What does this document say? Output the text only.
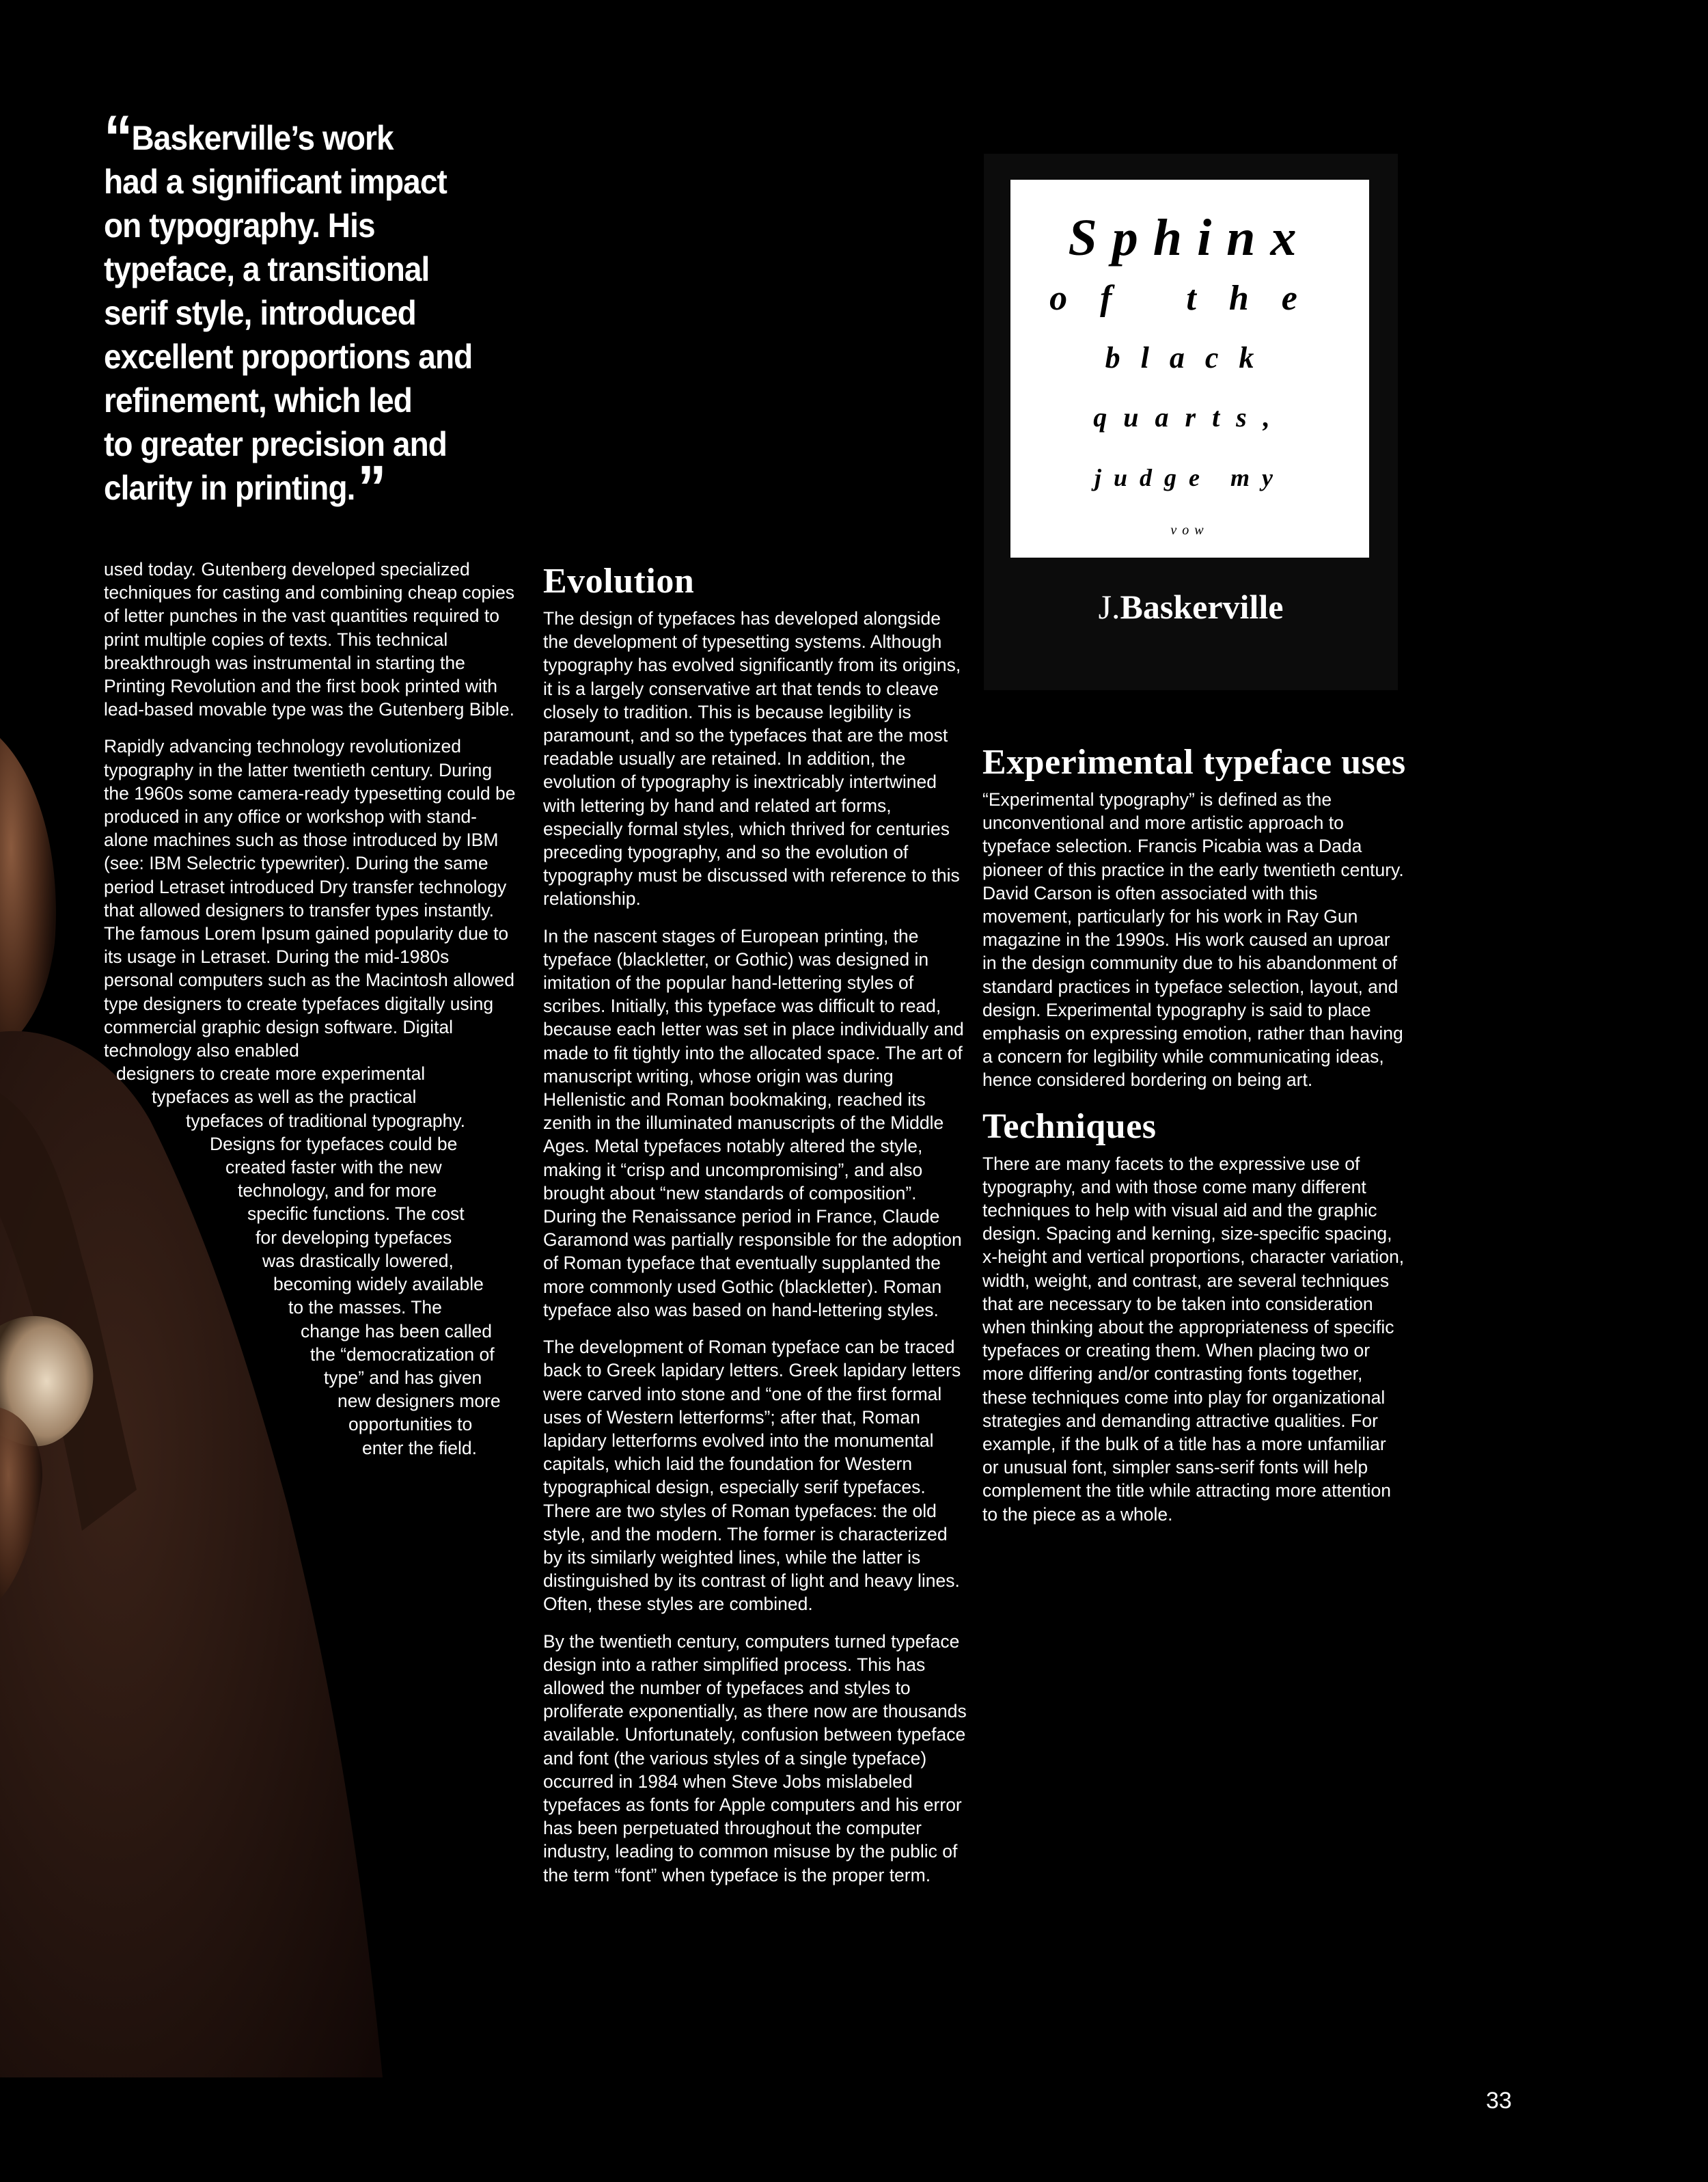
“ Baskerville’s work
had a significant impact
on typography. His
typeface, a transitional
serif style, introduced
excellent proportions and
refinement, which led
to greater precision and
clarity in printing.”

used today. Gutenberg developed specialized techniques for casting and combining cheap copies of letter punches in the vast quantities required to print multiple copies of texts. This technical breakthrough was instrumental in starting the Printing Revolution and the first book printed with lead-based movable type was the Gutenberg Bible.

Rapidly advancing technology revolutionized typography in the latter twentieth century. During the 1960s some camera-ready typesetting could be produced in any office or workshop with stand-alone machines such as those introduced by IBM (see: IBM Selectric typewriter). During the same period Letraset introduced Dry transfer technology that allowed designers to transfer types instantly. The famous Lorem Ipsum gained popularity due to its usage in Letraset. During the mid-1980s personal computers such as the Macintosh allowed type designers to create typefaces digitally using commercial graphic design software. Digital technology also enabled

designers to create more experimental
typefaces as well as the practical
typefaces of traditional typography.
Designs for typefaces could be
created faster with the new
technology, and for more
specific functions. The cost
for developing typefaces
was drastically lowered,
becoming widely available
to the masses. The
change has been called
the “democratization of
type” and has given
new designers more
opportunities to
enter the field.
Evolution

The design of typefaces has developed alongside the development of typesetting systems. Although typography has evolved significantly from its origins, it is a largely conservative art that tends to cleave closely to tradition. This is because legibility is paramount, and so the typefaces that are the most readable usually are retained. In addition, the evolution of typography is inextricably intertwined with lettering by hand and related art forms, especially formal styles, which thrived for centuries preceding typography, and so the evolution of typography must be discussed with reference to this relationship.

In the nascent stages of European printing, the typeface (blackletter, or Gothic) was designed in imitation of the popular hand-lettering styles of scribes. Initially, this typeface was difficult to read, because each letter was set in place individually and made to fit tightly into the allocated space. The art of manuscript writing, whose origin was during Hellenistic and Roman bookmaking, reached its zenith in the illuminated manuscripts of the Middle Ages. Metal typefaces notably altered the style, making it “crisp and uncompromising”, and also brought about “new standards of composition”. During the Renaissance period in France, Claude Garamond was partially responsible for the adoption of Roman typeface that eventually supplanted the more commonly used Gothic (blackletter). Roman typeface also was based on hand-lettering styles.

The development of Roman typeface can be traced back to Greek lapidary letters. Greek lapidary letters were carved into stone and “one of the first formal uses of Western letterforms”; after that, Roman lapidary letterforms evolved into the monumental capitals, which laid the foundation for Western typographical design, especially serif typefaces. There are two styles of Roman typefaces: the old style, and the modern. The former is characterized by its similarly weighted lines, while the latter is distinguished by its contrast of light and heavy lines. Often, these styles are combined.

By the twentieth century, computers turned typeface design into a rather simplified process. This has allowed the number of typefaces and styles to proliferate exponentially, as there now are thousands available. Unfortunately, confusion between typeface and font (the various styles of a single typeface) occurred in 1984 when Steve Jobs mislabeled typefaces as fonts for Apple computers and his error has been perpetuated throughout the computer industry, leading to common misuse by the public of the term “font” when typeface is the proper term.

Sphinx
of the
black
quarts,
judge my
vow
J.Baskerville
Experimental typeface uses

“Experimental typography” is defined as the unconventional and more artistic approach to typeface selection. Francis Picabia was a Dada pioneer of this practice in the early twentieth century. David Carson is often associated with this movement, particularly for his work in Ray Gun magazine in the 1990s. His work caused an uproar in the design community due to his abandonment of standard practices in typeface selection, layout, and design. Experimental typography is said to place emphasis on expressing emotion, rather than having a concern for legibility while communicating ideas, hence considered bordering on being art.

Techniques

There are many facets to the expressive use of typography, and with those come many different techniques to help with visual aid and the graphic design. Spacing and kerning, size-specific spacing, x-height and vertical proportions, character variation, width, weight, and contrast, are several techniques that are necessary to be taken into consideration when thinking about the appropriateness of specific typefaces or creating them. When placing two or more differing and/or contrasting fonts together, these techniques come into play for organizational strategies and demanding attractive qualities. For example, if the bulk of a title has a more unfamiliar or unusual font, simpler sans-serif fonts will help complement the title while attracting more attention to the piece as a whole.

33
